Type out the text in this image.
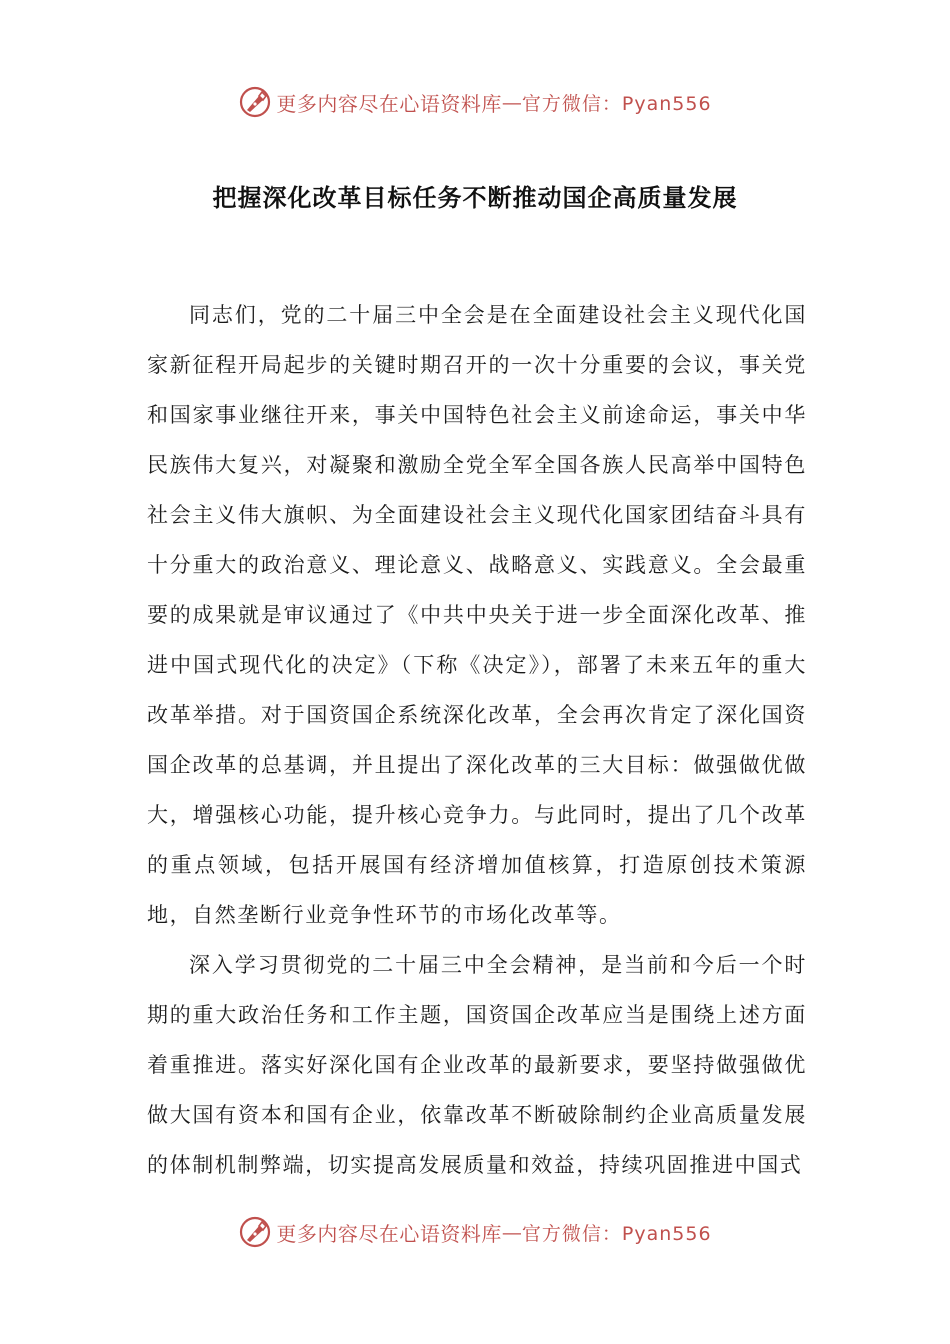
更多内容尽在心语资料库 — 官方微信：Pyan556
把握深化改革目标任务不断推动国企高质量发展

同志们，党的二十届三中全会是在全面建设社会主义现代化国家新征程开局起步的关键时期召开的一次十分重要的会议，事关党和国家事业继往开来，事关中国特色社会主义前途命运，事关中华民族伟大复兴，对凝聚和激励全党全军全国各族人民高举中国特色社会主义伟大旗帜、为全面建设社会主义现代化国家团结奋斗具有十分重大的政治意义、理论意义、战略意义、实践意义。全会最重要的成果就是审议通过了《中共中央关于进一步全面深化改革、推进中国式现代化的决定》（下称《决定》），部署了未来五年的重大改革举措。对于国资国企系统深化改革，全会再次肯定了深化国资国企改革的总基调，并且提出了深化改革的三大目标：做强做优做大，增强核心功能，提升核心竞争力。与此同时，提出了几个改革的重点领域，包括开展国有经济增加值核算，打造原创技术策源地，自然垄断行业竞争性环节的市场化改革等。

深入学习贯彻党的二十届三中全会精神，是当前和今后一个时期的重大政治任务和工作主题，国资国企改革应当是围绕上述方面着重推进。落实好深化国有企业改革的最新要求，要坚持做强做优做大国有资本和国有企业，依靠改革不断破除制约企业高质量发展的体制机制弊端，切实提高发展质量和效益，持续巩固推进中国式

更多内容尽在心语资料库 — 官方微信：Pyan556
